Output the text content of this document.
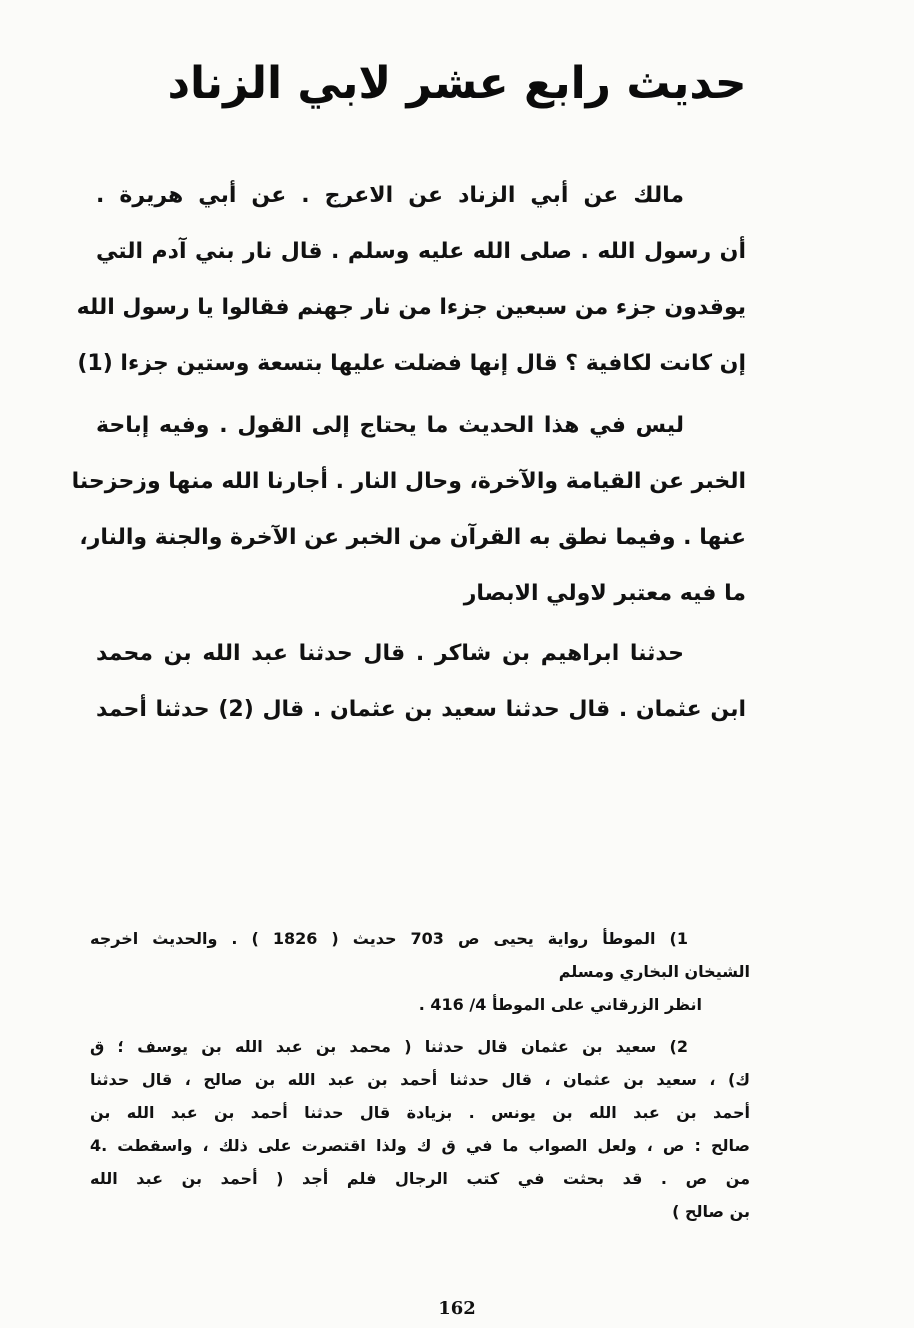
حديث رابع عشر لابي الزناد
مالك عن أبي الزناد عن الاعرج . عن أبي هريرة .
أن رسول الله . صلى الله عليه وسلم . قال نار بني آدم التي
يوقدون جزء من سبعين جزءا من نار جهنم فقالوا يا رسول الله
إن كانت لكافية ؟ قال إنها فضلت عليها بتسعة وستين جزءا (1)
ليس في هذا الحديث ما يحتاج إلى القول . وفيه إباحة
الخبر عن القيامة والآخرة، وحال النار . أجارنا الله منها وزحزحنا
عنها . وفيما نطق به القرآن من الخبر عن الآخرة والجنة والنار،
ما فيه معتبر لاولي الابصار
حدثنا ابراهيم بن شاكر . قال حدثنا عبد الله بن محمد
ابن عثمان . قال حدثنا سعيد بن عثمان . قال (2) حدثنا أحمد
1) الموطأ رواية يحيى ص 703 حديث ( 1826 ) . والحديث اخرجه
الشيخان البخاري ومسلم
انظر الزرقاني على الموطأ 4/ 416 .
2) سعيد بن عثمان قال حدثنا ( محمد بن عبد الله بن يوسف ؛ ق
ك) ، سعيد بن عثمان ، قال حدثنا أحمد بن عبد الله بن صالح ، قال حدثنا
أحمد بن عبد الله بن يونس . بزيادة قال حدثنا أحمد بن عبد الله بن
صالح : ص ، ولعل الصواب ما في ق ك ولذا اقتصرت على ذلك ، واسقطت .4
من ص . قد بحثت في كتب الرجال فلم أجد ( أحمد بن عبد الله
بن صالح )

162
